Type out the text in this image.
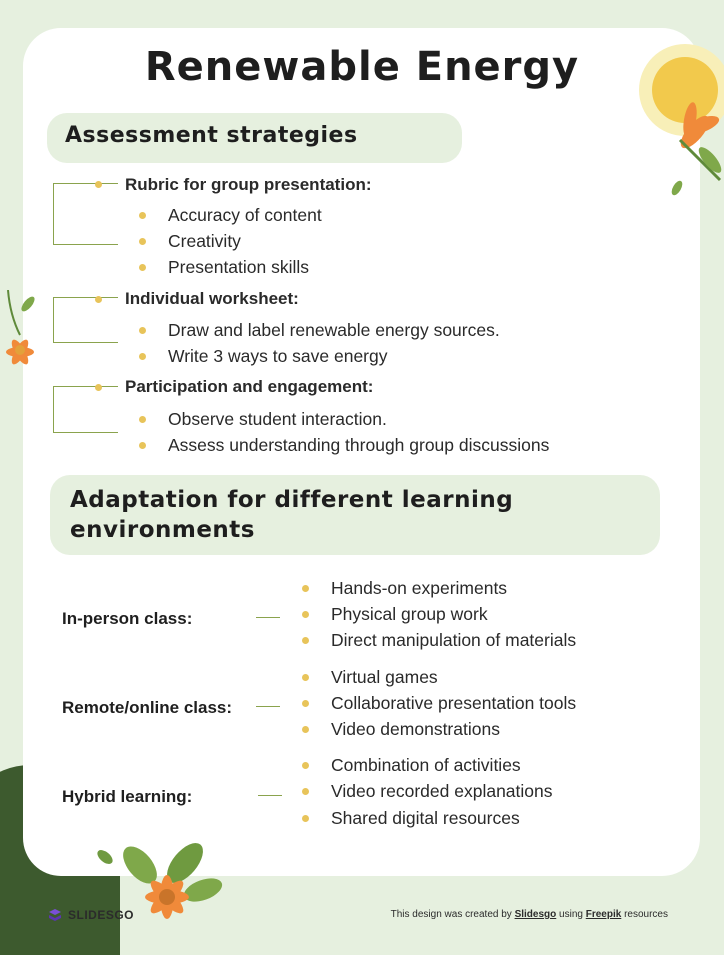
Renewable Energy
Assessment strategies
Rubric for group presentation:
Accuracy of content
Creativity
Presentation skills
Individual worksheet:
Draw and label renewable energy sources.
Write 3 ways to save energy
Participation and engagement:
Observe student interaction.
Assess understanding through group discussions
Adaptation for different learning
environments
In-person class:
Hands-on experiments
Physical group work
Direct manipulation of materials
Remote/online class:
Virtual games
Collaborative presentation tools
Video demonstrations
Hybrid learning:
Combination of activities
Video recorded explanations
Shared digital resources
SLIDESGO	This design was created by Slidesgo using Freepik resources
